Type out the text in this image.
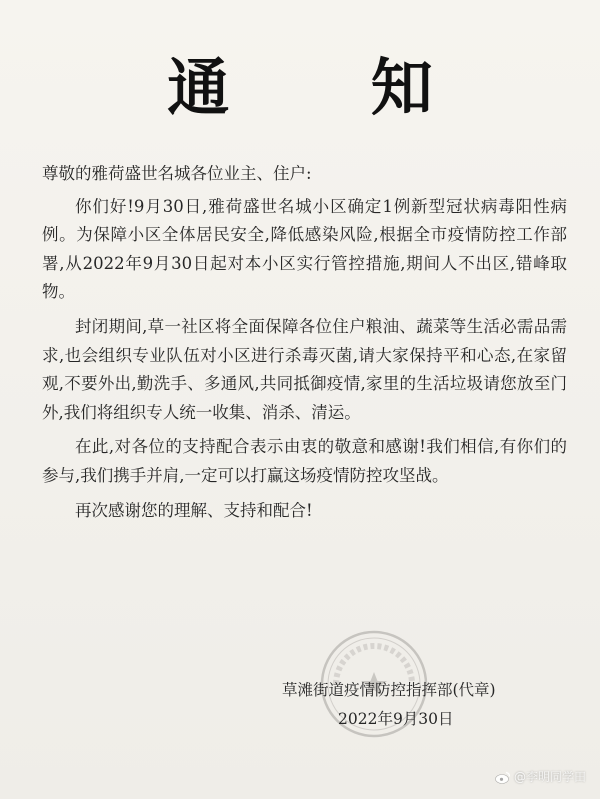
通 知

尊敬的雅荷盛世名城各位业主、住户:

你们好!9月30日,雅荷盛世名城小区确定1例新型冠状病毒阳性病例。为保障小区全体居民安全,降低感染风险,根据全市疫情防控工作部署,从2022年9月30日起对本小区实行管控措施,期间人不出区,错峰取物。

封闭期间,草一社区将全面保障各位住户粮油、蔬菜等生活必需品需求,也会组织专业队伍对小区进行杀毒灭菌,请大家保持平和心态,在家留观,不要外出,勤洗手、多通风,共同抵御疫情,家里的生活垃圾请您放至门外,我们将组织专人统一收集、消杀、清运。

在此,对各位的支持配合表示由衷的敬意和感谢!我们相信,有你们的参与,我们携手并肩,一定可以打赢这场疫情防控攻坚战。

再次感谢您的理解、支持和配合!

草滩街道疫情防控指挥部(代章)
2022年9月30日
@李明同学田
